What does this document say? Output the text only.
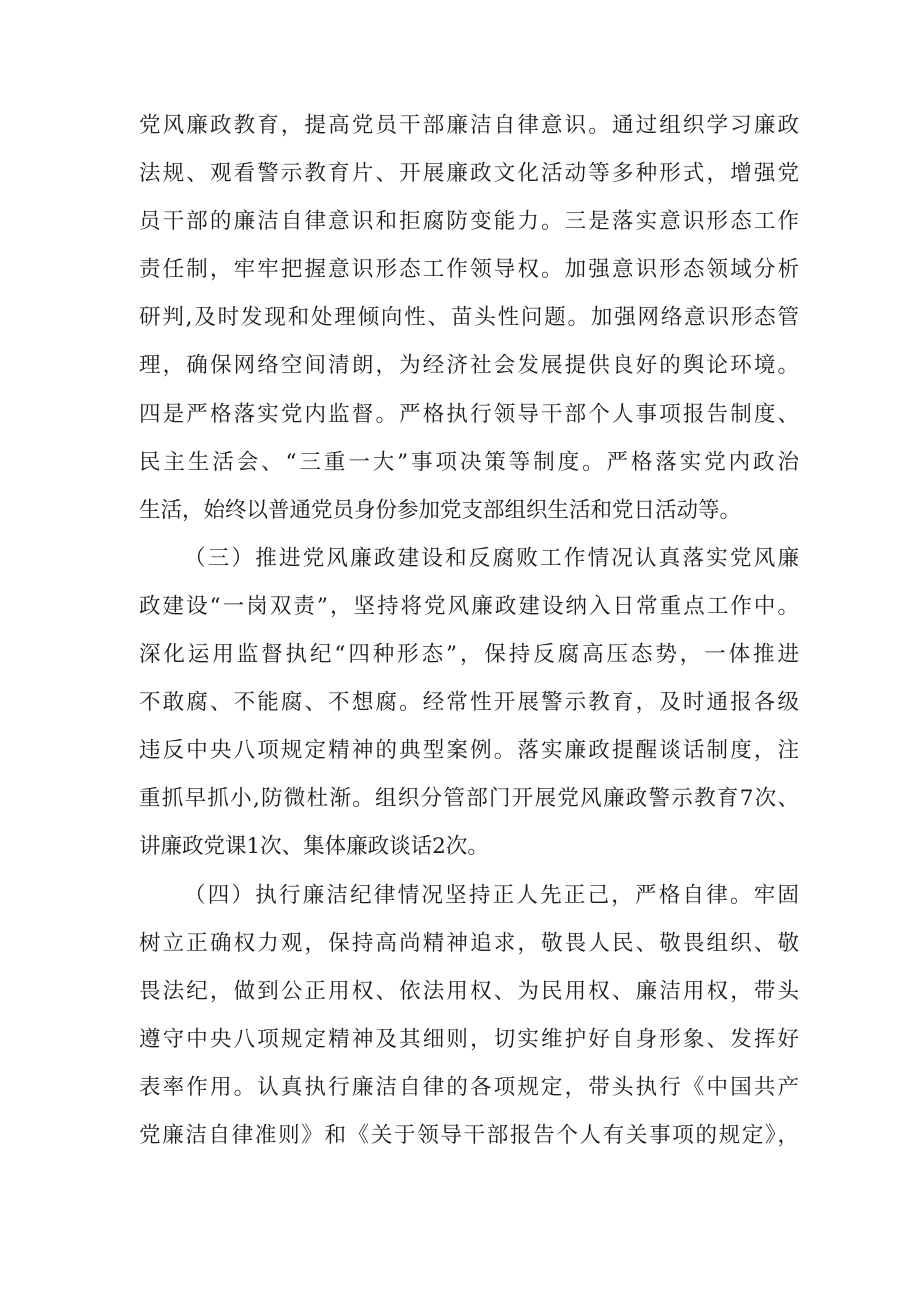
党风廉政教育，提高党员干部廉洁自律意识。通过组织学习廉政
法规、观看警示教育片、开展廉政文化活动等多种形式，增强党
员干部的廉洁自律意识和拒腐防变能力。三是落实意识形态工作
责任制，牢牢把握意识形态工作领导权。加强意识形态领域分析
研判,及时发现和处理倾向性、苗头性问题。加强网络意识形态管
理，确保网络空间清朗，为经济社会发展提供良好的舆论环境。
四是严格落实党内监督。严格执行领导干部个人事项报告制度、
民主生活会、“三重一大”事项决策等制度。严格落实党内政治
生活，始终以普通党员身份参加党支部组织生活和党日活动等。
（三）推进党风廉政建设和反腐败工作情况认真落实党风廉
政建设“一岗双责”，坚持将党风廉政建设纳入日常重点工作中。
深化运用监督执纪“四种形态”，保持反腐高压态势，一体推进
不敢腐、不能腐、不想腐。经常性开展警示教育，及时通报各级
违反中央八项规定精神的典型案例。落实廉政提醒谈话制度，注
重抓早抓小,防微杜渐。组织分管部门开展党风廉政警示教育7次、
讲廉政党课1次、集体廉政谈话2次。
（四）执行廉洁纪律情况坚持正人先正己，严格自律。牢固
树立正确权力观，保持高尚精神追求，敬畏人民、敬畏组织、敬
畏法纪，做到公正用权、依法用权、为民用权、廉洁用权，带头
遵守中央八项规定精神及其细则，切实维护好自身形象、发挥好
表率作用。认真执行廉洁自律的各项规定，带头执行《中国共产
党廉洁自律准则》和《关于领导干部报告个人有关事项的规定》，
